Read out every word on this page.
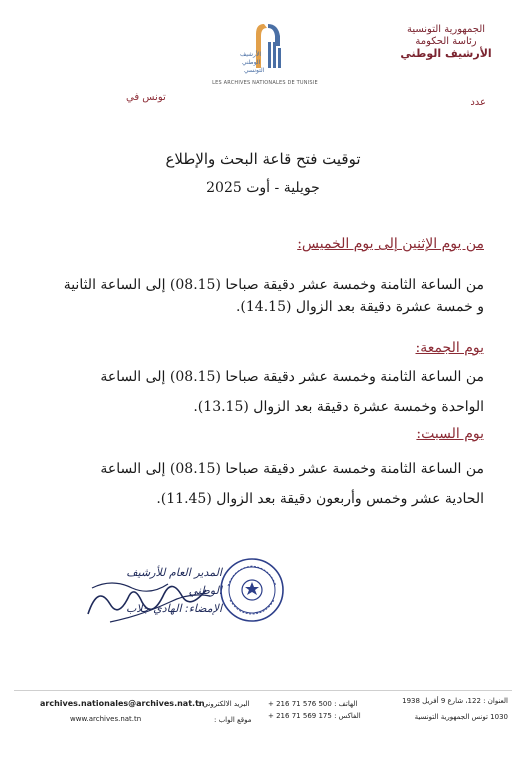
الجمهورية التونسية
رئاسة الحكومة
الأرشيف الوطني
الأرشيف
الوطني
التونسي
LES ARCHIVES NATIONALES DE TUNISIE
تونس في	عدد
توقيت فتح قاعة البحث والإطلاع
جويلية - أوت 2025
من يوم الإثنين إلى يوم الخميس:
من الساعة الثامنة وخمسة عشر دقيقة صباحا (08.15) إلى الساعة الثانية
و خمسة عشرة دقيقة بعد الزوال (14.15).
يوم الجمعة:
من الساعة الثامنة وخمسة عشر دقيقة صباحا (08.15) إلى الساعة
الواحدة وخمسة عشرة دقيقة بعد الزوال (13.15).
يوم السبت:
من الساعة الثامنة وخمسة عشر دقيقة صباحا (08.15) إلى الساعة
الحادية عشر وخمس وأربعون دقيقة بعد الزوال (11.45).
المدير العام للأرشيف الوطني
الإمضاء: الهادي جلاب
العنوان : 122، شارع 9 أفريل 1938
1030 تونس الجمهورية التونسية
الهاتف : 500 576 71 216 +
الفاكس : 175 569 71 216 +
archives.nationales@archives.nat.tn
البريد الالكتروني :
www.archives.nat.tn	موقع الواب :
